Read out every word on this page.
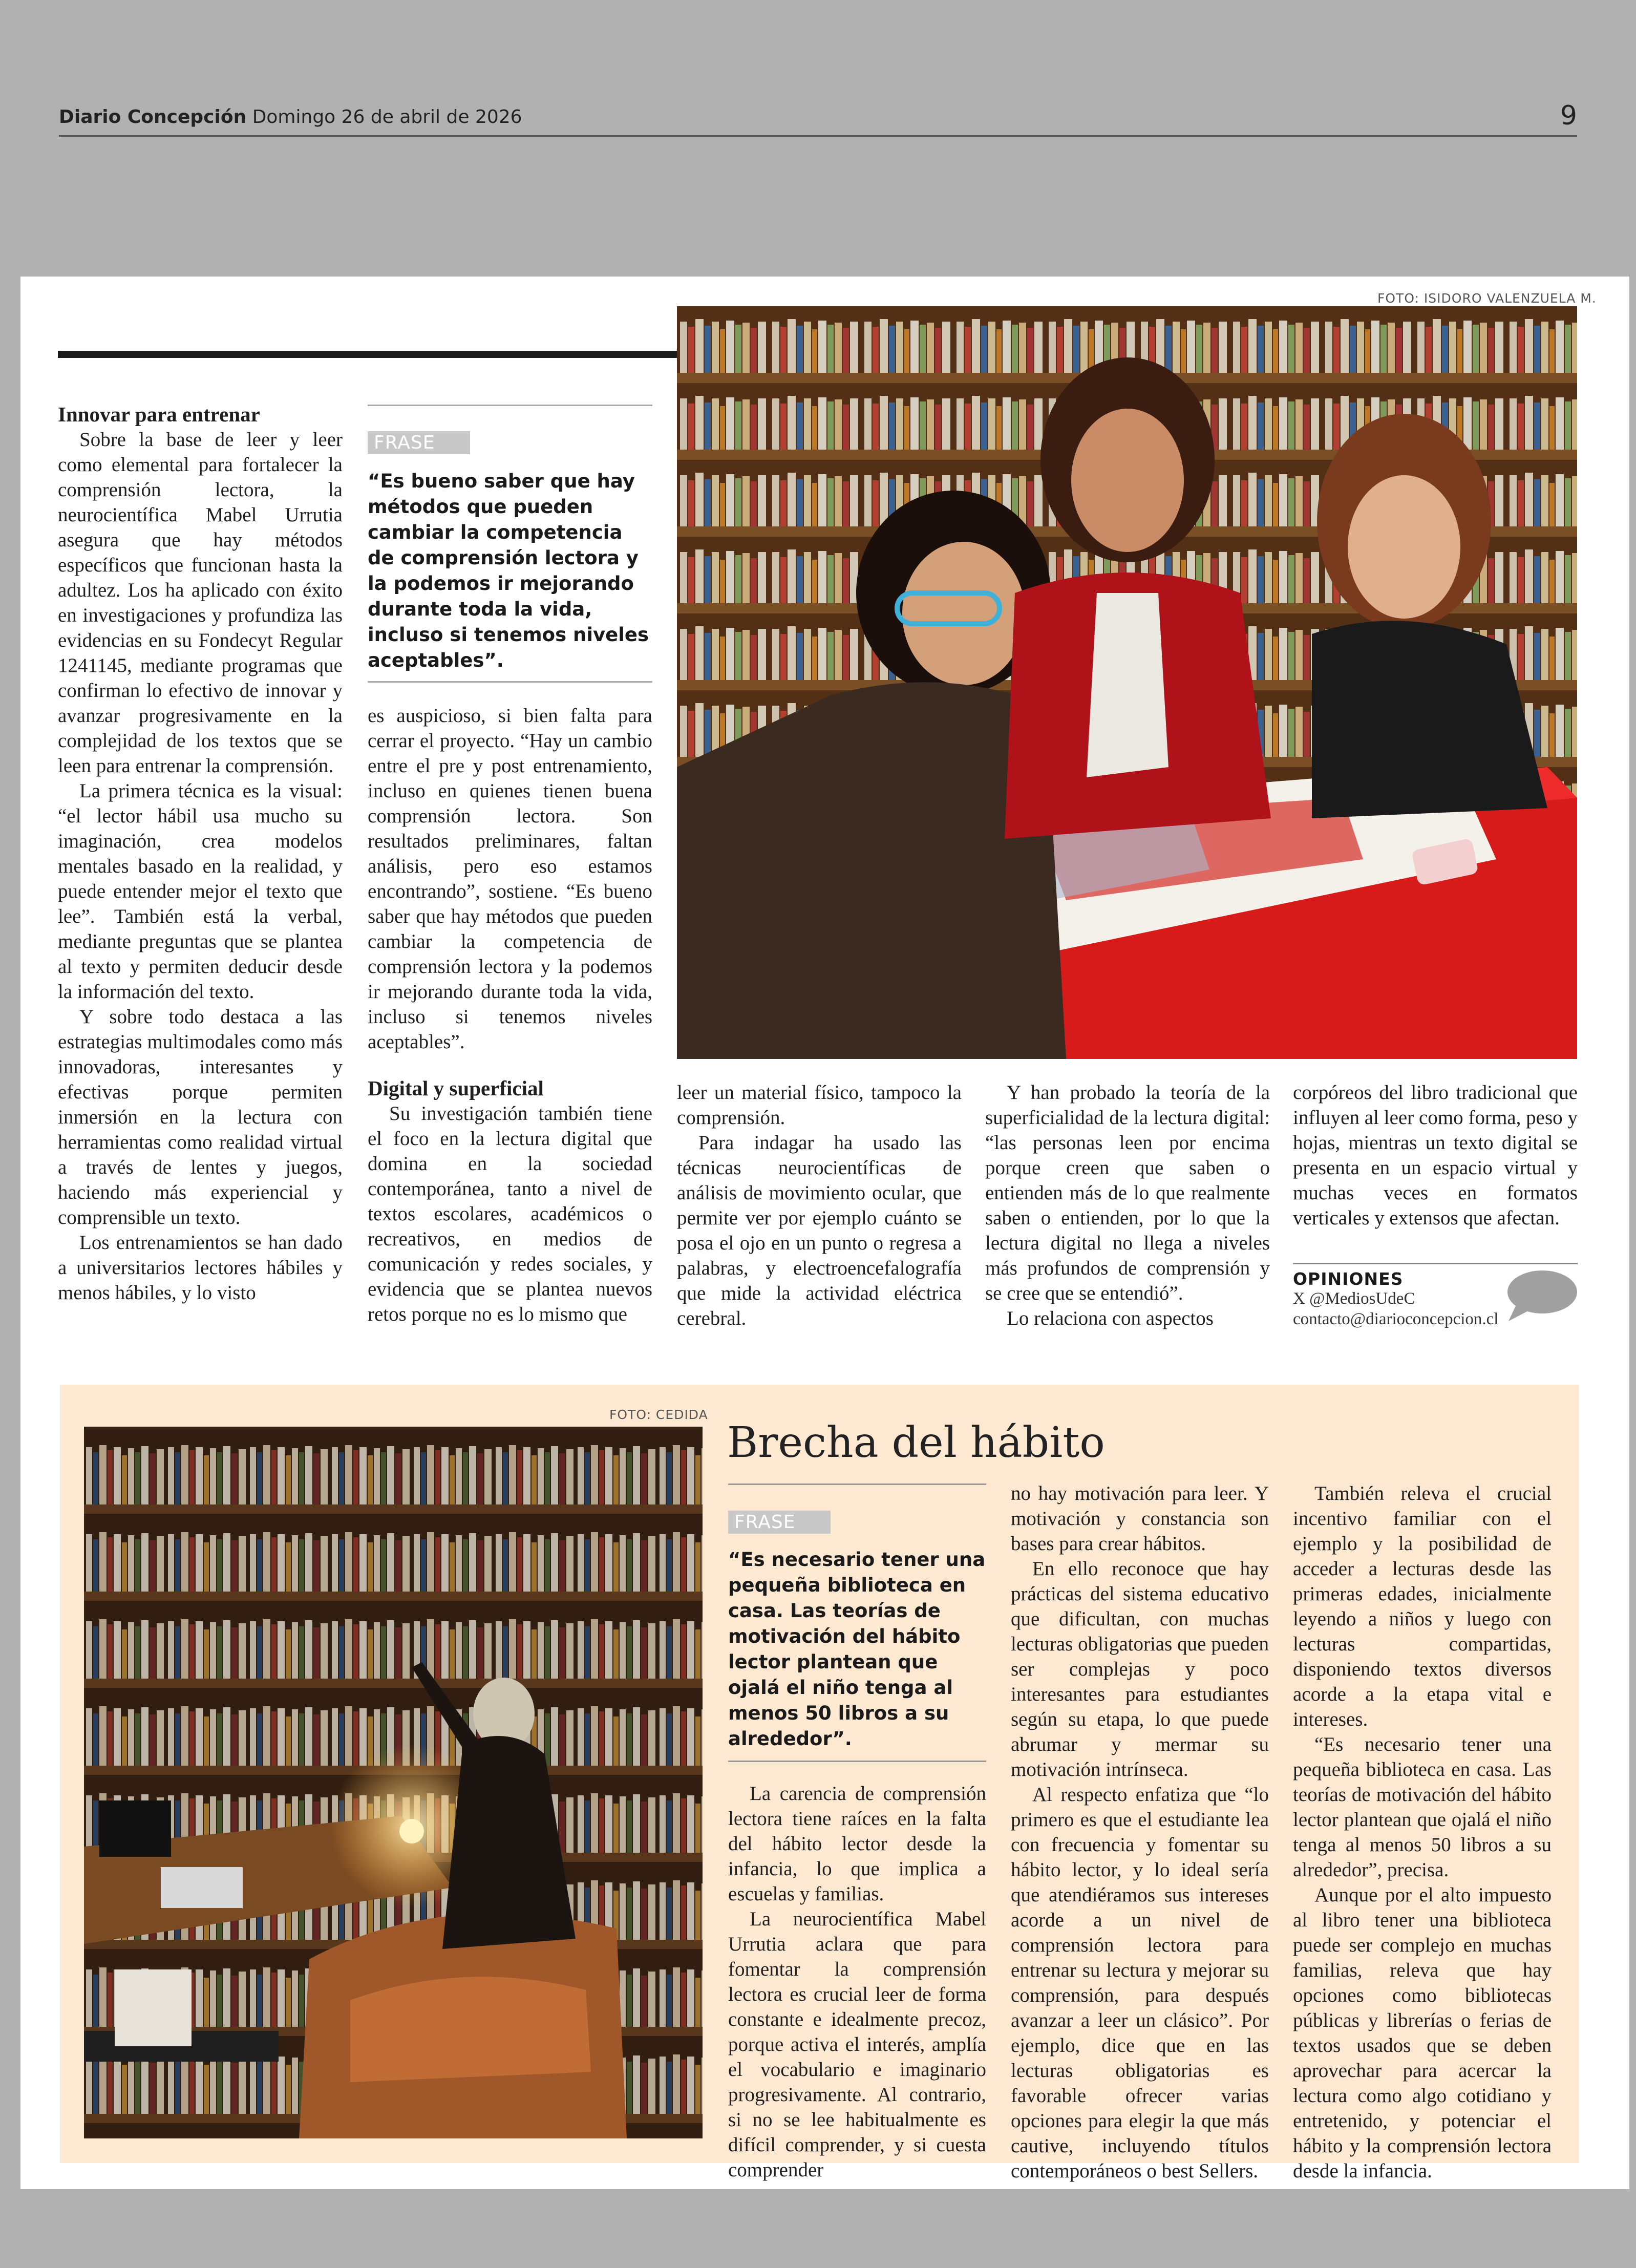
Diario Concepción Domingo 26 de abril de 2026	9
FOTO: ISIDORO VALENZUELA M.
Innovar para entrenar

Sobre la base de leer y leer como elemental para fortalecer la comprensión lectora, la neurocientífica Mabel Urrutia asegura que hay métodos específicos que funcionan hasta la adultez. Los ha aplicado con éxito en investigaciones y profundiza las evidencias en su Fondecyt Regular 1241145, mediante programas que confirman lo efectivo de innovar y avanzar progresivamente en la complejidad de los textos que se leen para entrenar la comprensión.

La primera técnica es la visual: “el lector hábil usa mucho su imaginación, crea modelos mentales basado en la realidad, y puede entender mejor el texto que lee”. También está la verbal, mediante preguntas que se plantea al texto y permiten deducir desde la información del texto.

Y sobre todo destaca a las estrategias multimodales como más innovadoras, interesantes y efectivas porque permiten inmersión en la lectura con herramientas como realidad virtual a través de lentes y juegos, haciendo más experiencial y comprensible un texto.

Los entrenamientos se han dado a universitarios lectores hábiles y menos hábiles, y lo visto

FRASE
“Es bueno saber que hay métodos que pueden cambiar la competencia de comprensión lectora y la podemos ir mejorando durante toda la vida, incluso si tenemos niveles aceptables”.

es auspicioso, si bien falta para cerrar el proyecto. “Hay un cambio entre el pre y post entrenamiento, incluso en quienes tienen buena comprensión lectora. Son resultados preliminares, faltan análisis, pero eso estamos encontrando”, sostiene. “Es bueno saber que hay métodos que pueden cambiar la competencia de comprensión lectora y la podemos ir mejorando durante toda la vida, incluso si tenemos niveles aceptables”.

Digital y superficial

Su investigación también tiene el foco en la lectura digital que domina en la sociedad contemporánea, tanto a nivel de textos escolares, académicos o recreativos, en medios de comunicación y redes sociales, y evidencia que se plantea nuevos retos porque no es lo mismo que

leer un material físico, tampoco la comprensión.

Para indagar ha usado las técnicas neurocientíficas de análisis de movimiento ocular, que permite ver por ejemplo cuánto se posa el ojo en un punto o regresa a palabras, y electroencefalografía que mide la actividad eléctrica cerebral.

Y han probado la teoría de la superficialidad de la lectura digital: “las personas leen por encima porque creen que saben o entienden más de lo que realmente saben o entienden, por lo que la lectura digital no llega a niveles más profundos de comprensión y se cree que se entendió”.

Lo relaciona con aspectos

corpóreos del libro tradicional que influyen al leer como forma, peso y hojas, mientras un texto digital se presenta en un espacio virtual y muchas veces en formatos verticales y extensos que afectan.

OPINIONES
X @MediosUdeC
contacto@diarioconcepcion.cl
FOTO: CEDIDA
Brecha del hábito
FRASE
“Es necesario tener una pequeña biblioteca en casa. Las teorías de motivación del hábito lector plantean que ojalá el niño tenga al menos 50 libros a su alrededor”.

La carencia de comprensión lectora tiene raíces en la falta del hábito lector desde la infancia, lo que implica a escuelas y familias.

La neurocientífica Mabel Urrutia aclara que para fomentar la comprensión lectora es crucial leer de forma constante e idealmente precoz, porque activa el interés, amplía el vocabulario e imaginario progresivamente. Al contrario, si no se lee habitualmente es difícil comprender, y si cuesta comprender

no hay motivación para leer. Y motivación y constancia son bases para crear hábitos.

En ello reconoce que hay prácticas del sistema educativo que dificultan, con muchas lecturas obligatorias que pueden ser complejas y poco interesantes para estudiantes según su etapa, lo que puede abrumar y mermar su motivación intrínseca.

Al respecto enfatiza que “lo primero es que el estudiante lea con frecuencia y fomentar su hábito lector, y lo ideal sería que atendiéramos sus intereses acorde a un nivel de comprensión lectora para entrenar su lectura y mejorar su comprensión, para después avanzar a leer un clásico”. Por ejemplo, dice que en las lecturas obligatorias es favorable ofrecer varias opciones para elegir la que más cautive, incluyendo títulos contemporáneos o best Sellers.

También releva el crucial incentivo familiar con el ejemplo y la posibilidad de acceder a lecturas desde las primeras edades, inicialmente leyendo a niños y luego con lecturas compartidas, disponiendo textos diversos acorde a la etapa vital e intereses.

“Es necesario tener una pequeña biblioteca en casa. Las teorías de motivación del hábito lector plantean que ojalá el niño tenga al menos 50 libros a su alrededor”, precisa.

Aunque por el alto impuesto al libro tener una biblioteca puede ser complejo en muchas familias, releva que hay opciones como bibliotecas públicas y librerías o ferias de textos usados que se deben aprovechar para acercar la lectura como algo cotidiano y entretenido, y potenciar el hábito y la comprensión lectora desde la infancia.
